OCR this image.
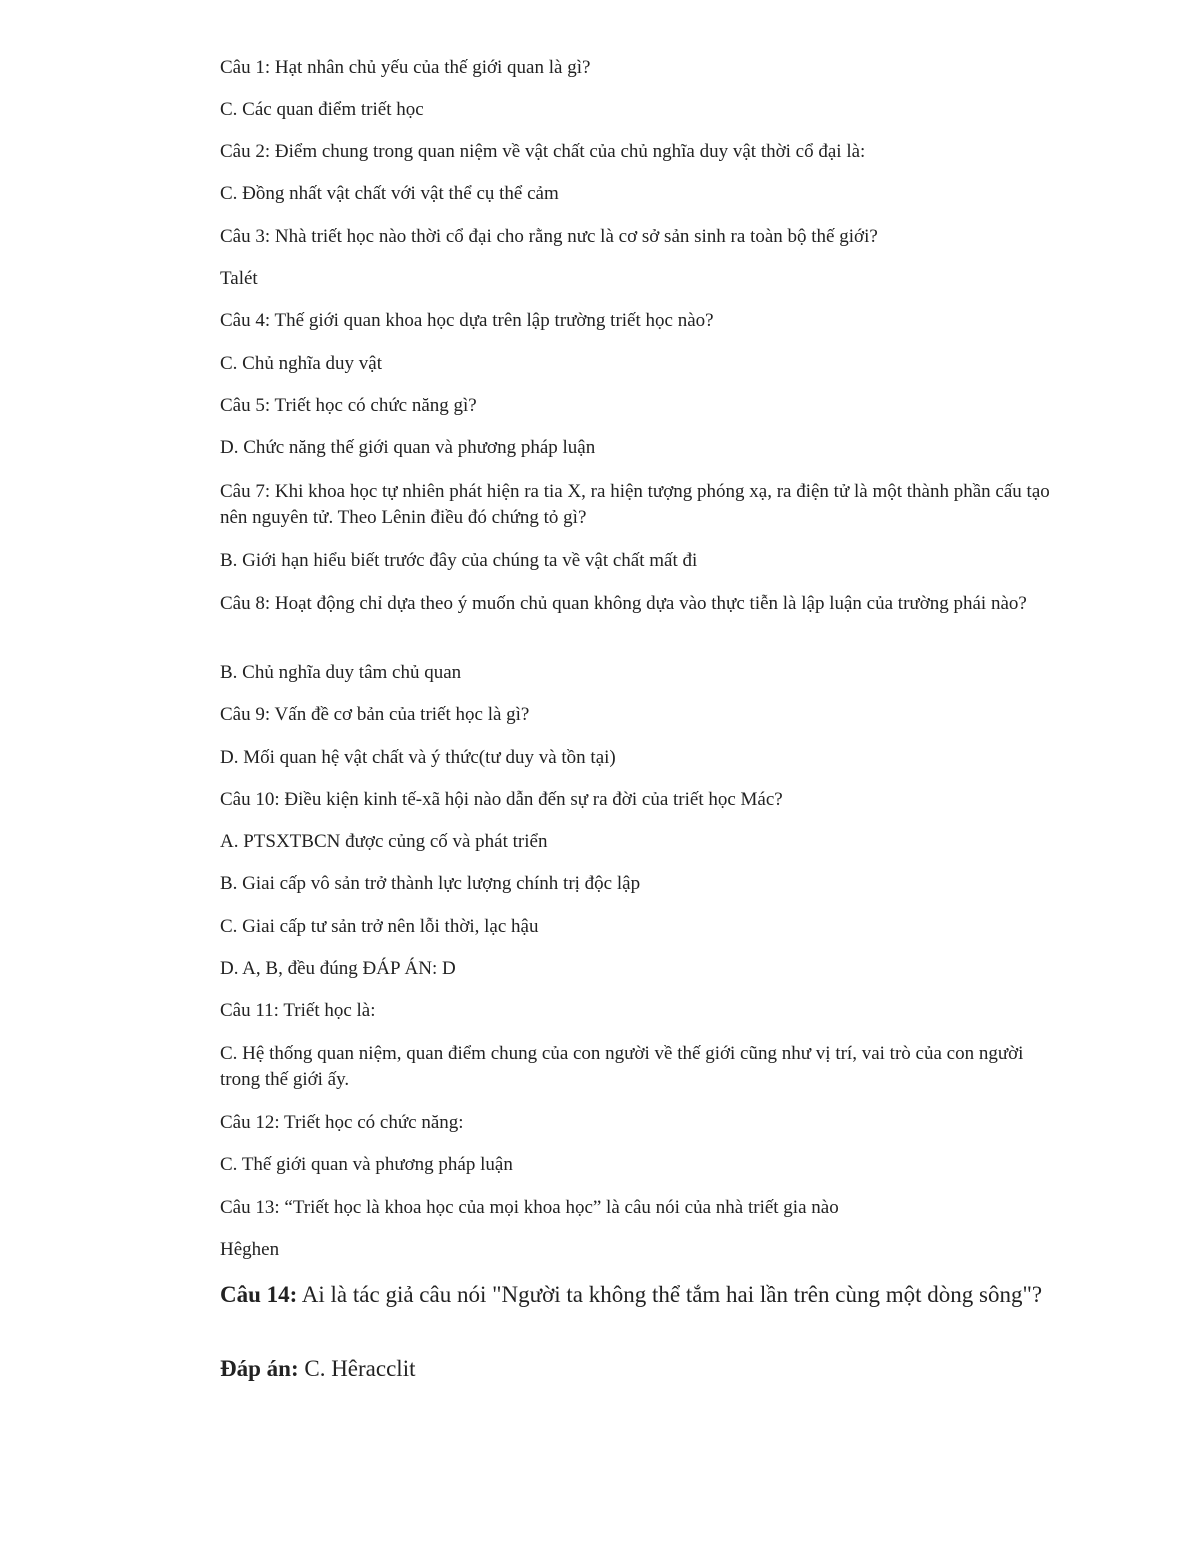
Câu 1: Hạt nhân chủ yếu của thế giới quan là gì?

C. Các quan điểm triết học

Câu 2: Điểm chung trong quan niệm về vật chất của chủ nghĩa duy vật thời cổ đại là:

C. Đồng nhất vật chất với vật thể cụ thể cảm

Câu 3: Nhà triết học nào thời cổ đại cho rằng nưc là cơ sở sản sinh ra toàn bộ thế giới?

Talét

Câu 4: Thế giới quan khoa học dựa trên lập trường triết học nào?

C. Chủ nghĩa duy vật

Câu 5: Triết học có chức năng gì?

D. Chức năng thế giới quan và phương pháp luận

Câu 7: Khi khoa học tự nhiên phát hiện ra tia X, ra hiện tượng phóng xạ, ra điện tử là một thành phần cấu tạo nên nguyên tử. Theo Lênin điều đó chứng tỏ gì?

B. Giới hạn hiểu biết trước đây của chúng ta về vật chất mất đi

Câu 8: Hoạt động chỉ dựa theo ý muốn chủ quan không dựa vào thực tiễn là lập luận của trường phái nào?

B. Chủ nghĩa duy tâm chủ quan

Câu 9: Vấn đề cơ bản của triết học là gì?

D. Mối quan hệ vật chất và ý thức(tư duy và tồn tại)

Câu 10: Điều kiện kinh tế-xã hội nào dẫn đến sự ra đời của triết học Mác?

A. PTSXTBCN được củng cố và phát triển

B. Giai cấp vô sản trở thành lực lượng chính trị độc lập

C. Giai cấp tư sản trở nên lỗi thời, lạc hậu

D. A, B, đều đúng ĐÁP ÁN: D

Câu 11: Triết học là:

C. Hệ thống quan niệm, quan điểm chung của con người về thế giới cũng như vị trí, vai trò của con người trong thế giới ấy.

Câu 12: Triết học có chức năng:

C. Thế giới quan và phương pháp luận

Câu 13: “Triết học là khoa học của mọi khoa học” là câu nói của nhà triết gia nào

Hêghen

Câu 14: Ai là tác giả câu nói "Người ta không thể tắm hai lần trên cùng một dòng sông"?

Đáp án: C. Hêracclit
